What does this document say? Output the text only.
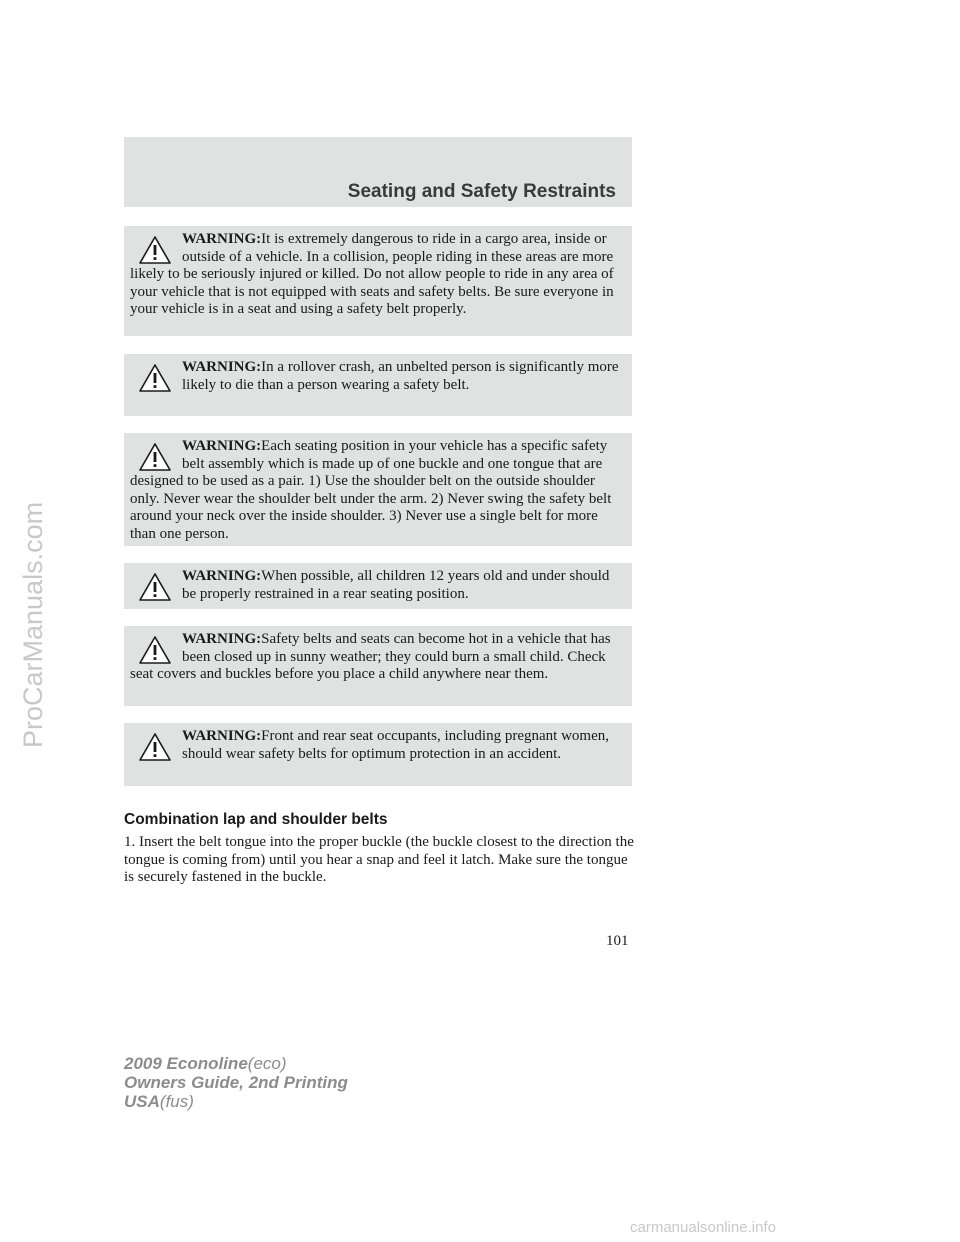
Seating and Safety Restraints
WARNING:It is extremely dangerous to ride in a cargo area, inside or outside of a vehicle. In a collision, people riding in these areas are more likely to be seriously injured or killed. Do not allow people to ride in any area of your vehicle that is not equipped with seats and safety belts. Be sure everyone in your vehicle is in a seat and using a safety belt properly.
WARNING:In a rollover crash, an unbelted person is significantly more likely to die than a person wearing a safety belt.
WARNING:Each seating position in your vehicle has a specific safety belt assembly which is made up of one buckle and one tongue that are designed to be used as a pair. 1) Use the shoulder belt on the outside shoulder only. Never wear the shoulder belt under the arm. 2) Never swing the safety belt around your neck over the inside shoulder. 3) Never use a single belt for more than one person.
WARNING:When possible, all children 12 years old and under should be properly restrained in a rear seating position.
WARNING:Safety belts and seats can become hot in a vehicle that has been closed up in sunny weather; they could burn a small child. Check seat covers and buckles before you place a child anywhere near them.
WARNING:Front and rear seat occupants, including pregnant women, should wear safety belts for optimum protection in an accident.
Combination lap and shoulder belts
1. Insert the belt tongue into the proper buckle (the buckle closest to the direction the tongue is coming from) until you hear a snap and feel it latch. Make sure the tongue is securely fastened in the buckle.
101
2009 Econoline(eco)
Owners Guide, 2nd Printing
USA(fus)
ProCarManuals.com
carmanualsonline.info
